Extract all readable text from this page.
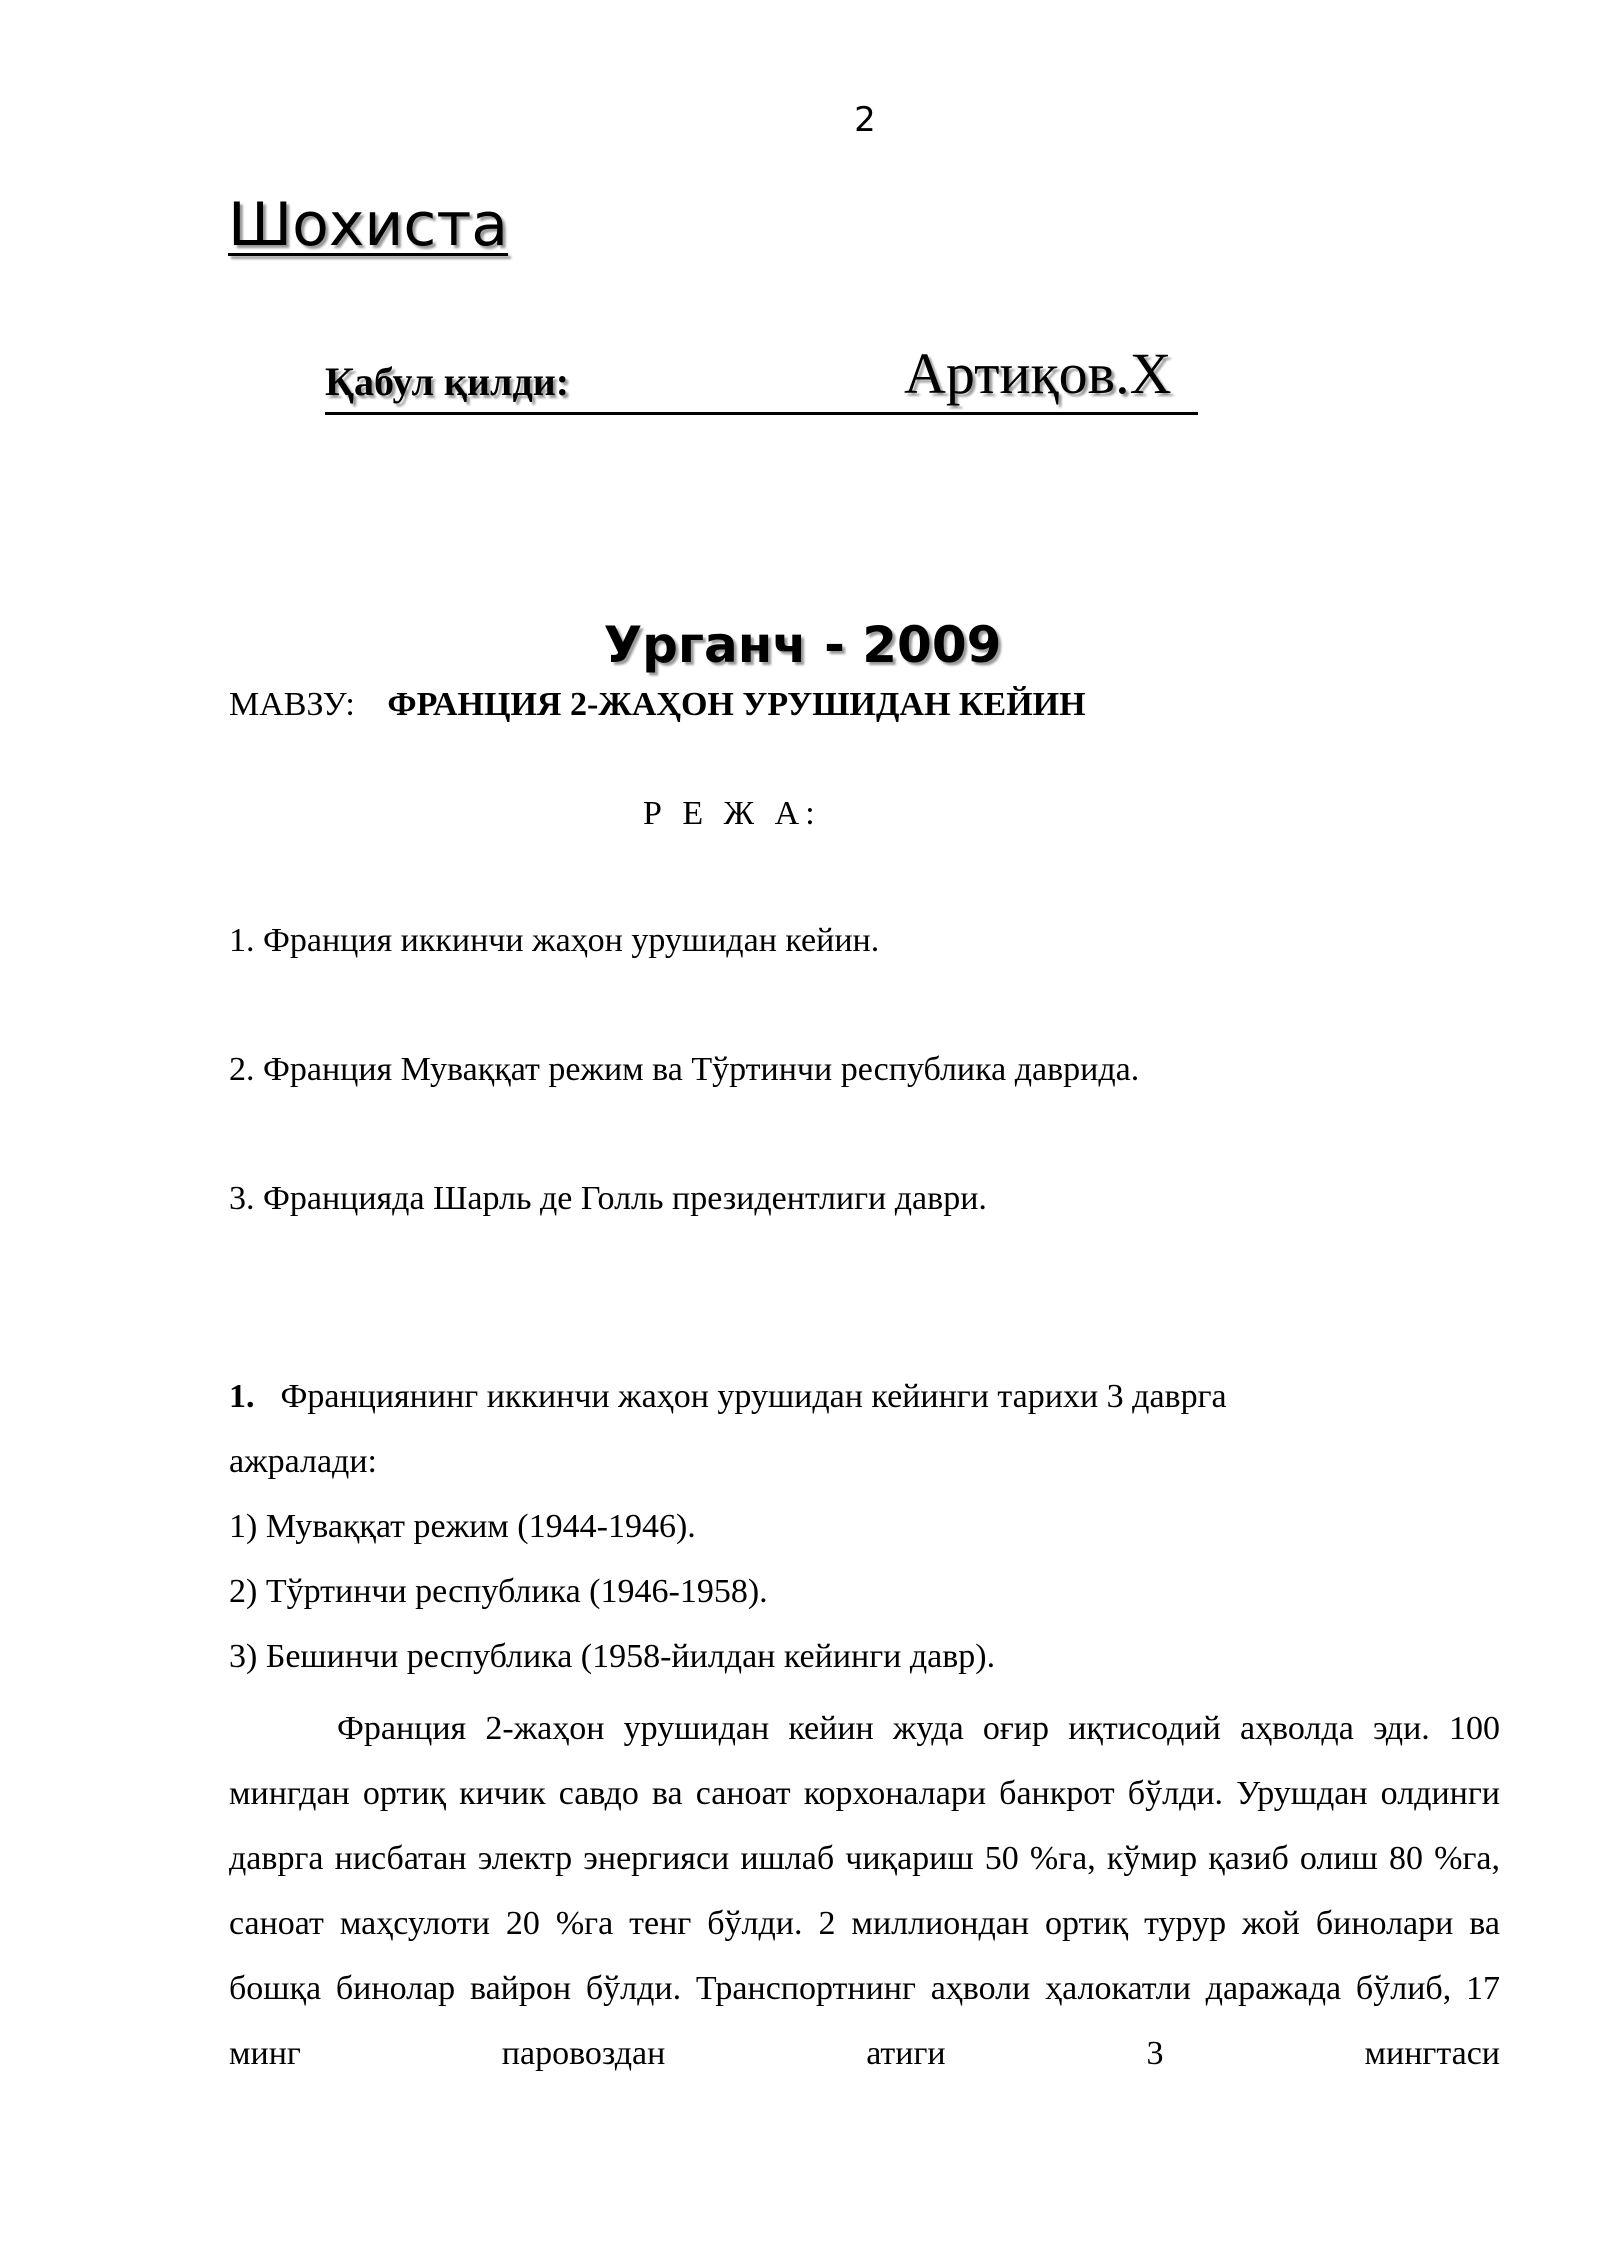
2
Шохиста
Қабул қилди:	Артиқов.Х
Урганч - 2009
МАВЗУ: ФРАНЦИЯ 2-ЖАҲОН УРУШИДАН КЕЙИН
Р Е Ж А:
1. Франция иккинчи жаҳон урушидан кейин.
2. Франция Муваққат режим ва Тўртинчи республика даврида.
3. Францияда Шарль де Голль президентлиги даври.
1. Франциянинг иккинчи жаҳон урушидан кейинги тарихи 3 даврга
ажралади:
1) Муваққат режим (1944-1946).
2) Тўртинчи республика (1946-1958).
3) Бешинчи республика (1958-йилдан кейинги давр).
Франция 2-жаҳон урушидан кейин жуда оғир иқтисодий аҳволда эди. 100 мингдан ортиқ кичик савдо ва саноат корхоналари банкрот бўлди. Урушдан олдинги даврга нисбатан электр энергияси ишлаб чиқариш 50 %га, кўмир қазиб олиш 80 %га, саноат маҳсулоти 20 %га тенг бўлди. 2 миллиондан ортиқ турур жой бинолари ва бошқа бинолар вайрон бўлди. Транспортнинг аҳволи ҳалокатли даражада бўлиб, 17 минг паровоздан атиги 3 мингтаси
